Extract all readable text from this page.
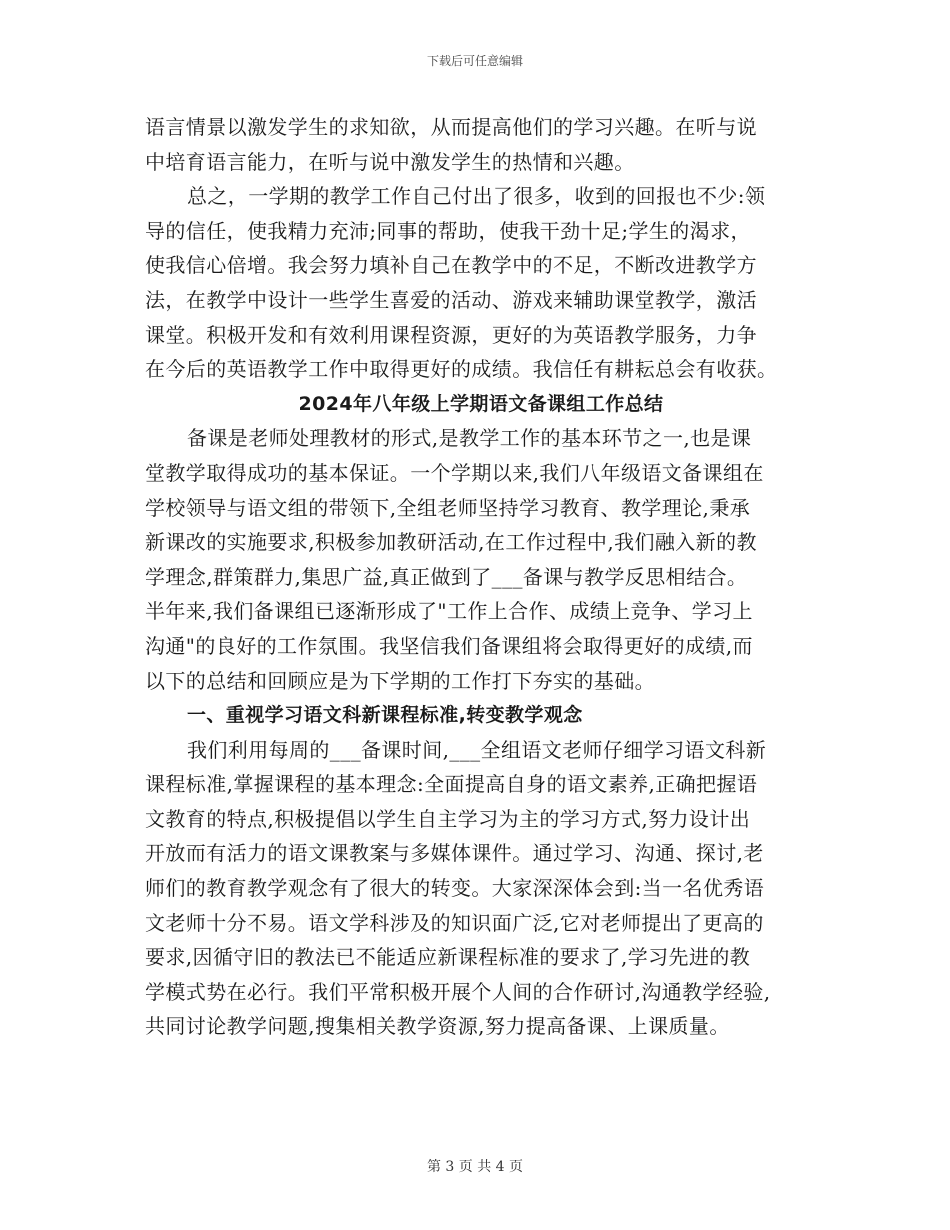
下载后可任意编辑
语言情景以激发学生的求知欲，从而提高他们的学习兴趣。在听与说
中培育语言能力，在听与说中激发学生的热情和兴趣。
总之，一学期的教学工作自己付出了很多，收到的回报也不少:领
导的信任，使我精力充沛;同事的帮助，使我干劲十足;学生的渴求，
使我信心倍增。我会努力填补自己在教学中的不足，不断改进教学方
法，在教学中设计一些学生喜爱的活动、游戏来辅助课堂教学，激活
课堂。积极开发和有效利用课程资源，更好的为英语教学服务，力争
在今后的英语教学工作中取得更好的成绩。我信任有耕耘总会有收获。
2024年八年级上学期语文备课组工作总结
备课是老师处理教材的形式,是教学工作的基本环节之一,也是课
堂教学取得成功的基本保证。一个学期以来,我们八年级语文备课组在
学校领导与语文组的带领下,全组老师坚持学习教育、教学理论,秉承
新课改的实施要求,积极参加教研活动,在工作过程中,我们融入新的教
学理念,群策群力,集思广益,真正做到了___备课与教学反思相结合。
半年来,我们备课组已逐渐形成了"工作上合作、成绩上竞争、学习上
沟通"的良好的工作氛围。我坚信我们备课组将会取得更好的成绩,而
以下的总结和回顾应是为下学期的工作打下夯实的基础。
一、重视学习语文科新课程标准,转变教学观念
我们利用每周的___备课时间,___全组语文老师仔细学习语文科新
课程标准,掌握课程的基本理念:全面提高自身的语文素养,正确把握语
文教育的特点,积极提倡以学生自主学习为主的学习方式,努力设计出
开放而有活力的语文课教案与多媒体课件。通过学习、沟通、探讨,老
师们的教育教学观念有了很大的转变。大家深深体会到:当一名优秀语
文老师十分不易。语文学科涉及的知识面广泛,它对老师提出了更高的
要求,因循守旧的教法已不能适应新课程标准的要求了,学习先进的教
学模式势在必行。我们平常积极开展个人间的合作研讨,沟通教学经验,
共同讨论教学问题,搜集相关教学资源,努力提高备课、上课质量。
第 3 页 共 4 页
